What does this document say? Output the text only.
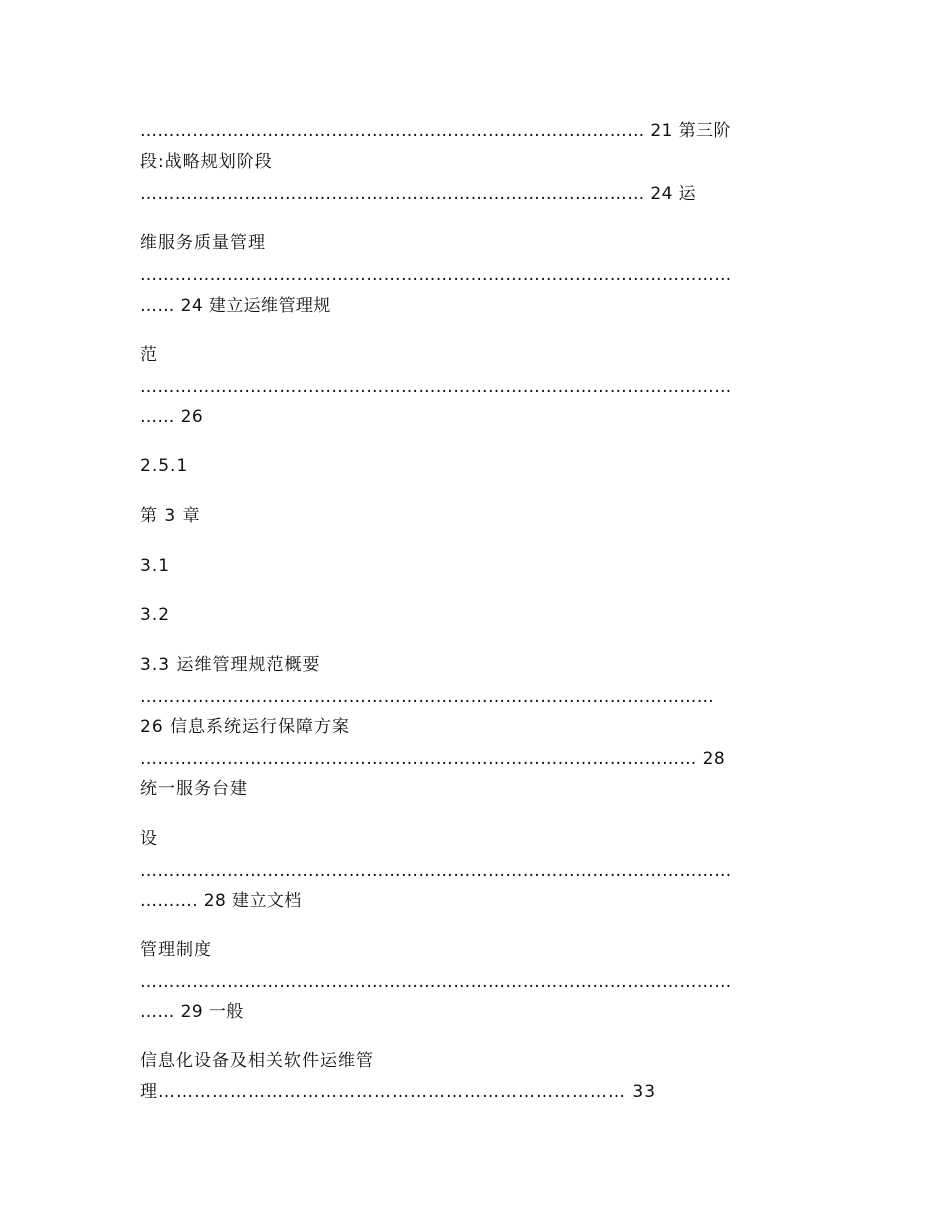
…………………………………………………………………………… 21 第三阶

段:战略规划阶段

…………………………………………………………………………… 24 运

维服务质量管理

…………………………………………………………………………………………

…… 24 建立运维管理规

范

…………………………………………………………………………………………

…… 26

2.5.1

第 3 章

3.1

3.2

3.3 运维管理规范概要

………………………………………………………………………………………

26 信息系统运行保障方案

…………………………………………………………………………………… 28

统一服务台建

设

…………………………………………………………………………………………

………. 28 建立文档

管理制度

…………………………………………………………………………………………

…… 29 一般

信息化设备及相关软件运维管

理…………………………………………………………………… 33
